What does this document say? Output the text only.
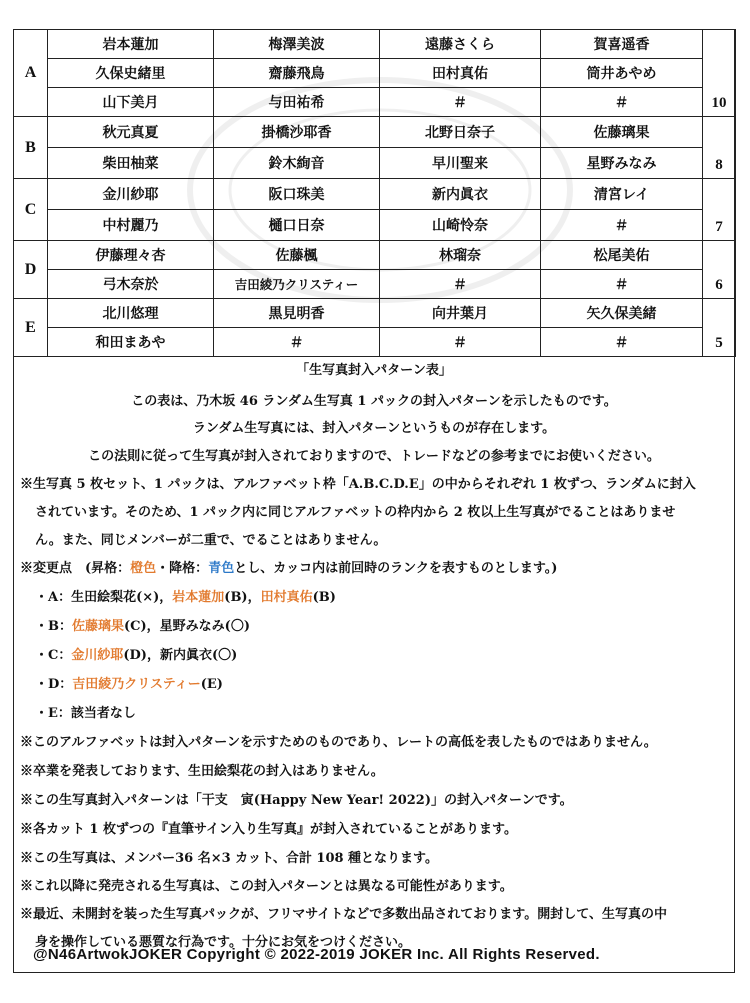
A	岩本蓮加	梅澤美波	遠藤さくら	賀喜遥香	10
	久保史緒里	齋藤飛鳥	田村真佑	筒井あやめ	
	山下美月	与田祐希	＃	＃	
B	秋元真夏	掛橋沙耶香	北野日奈子	佐藤璃果	8
	柴田柚菜	鈴木絢音	早川聖来	星野みなみ	
C	金川紗耶	阪口珠美	新内眞衣	清宮レイ	7
	中村麗乃	樋口日奈	山崎怜奈	＃	
D	伊藤理々杏	佐藤楓	林瑠奈	松尾美佑	6
	弓木奈於	吉田綾乃クリスティー	＃	＃	
E	北川悠理	黒見明香	向井葉月	矢久保美緒	5
	和田まあや	＃	＃	＃	
「生写真封入パターン表」
この表は、乃木坂 46 ランダム生写真 1 パックの封入パターンを示したものです。
ランダム生写真には、封入パターンというものが存在します。
この法則に従って生写真が封入されておりますので、トレードなどの参考までにお使いください。
※生写真 5 枚セット、1 パックは、アルファベット枠「A.B.C.D.E」の中からそれぞれ 1 枚ずつ、ランダムに封入
されています。そのため、1 パック内に同じアルファベットの枠内から 2 枚以上生写真がでることはありませ
ん。また、同じメンバーが二重で、でることはありません。
※変更点　(昇格：橙色・降格：青色とし、カッコ内は前回時のランクを表すものとします。)
・A：生田絵梨花(×)，岩本蓮加(B)，田村真佑(B)
・B：佐藤璃果(C)，星野みなみ(〇)
・C：金川紗耶(D)，新内眞衣(〇)
・D：吉田綾乃クリスティー(E)
・E：該当者なし
※このアルファベットは封入パターンを示すためのものであり、レートの高低を表したものではありません。
※卒業を発表しております、生田絵梨花の封入はありません。
※この生写真封入パターンは「干支　寅(Happy New Year! 2022)」の封入パターンです。
※各カット 1 枚ずつの『直筆サイン入り生写真』が封入されていることがあります。
※この生写真は、メンバー36 名×3 カット、合計 108 種となります。
※これ以降に発売される生写真は、この封入パターンとは異なる可能性があります。
※最近、未開封を装った生写真パックが、フリマサイトなどで多数出品されております。開封して、生写真の中
身を操作している悪質な行為です。十分にお気をつけください。
@N46ArtwokJOKER Copyright © 2022-2019 JOKER Inc. All Rights Reserved.
